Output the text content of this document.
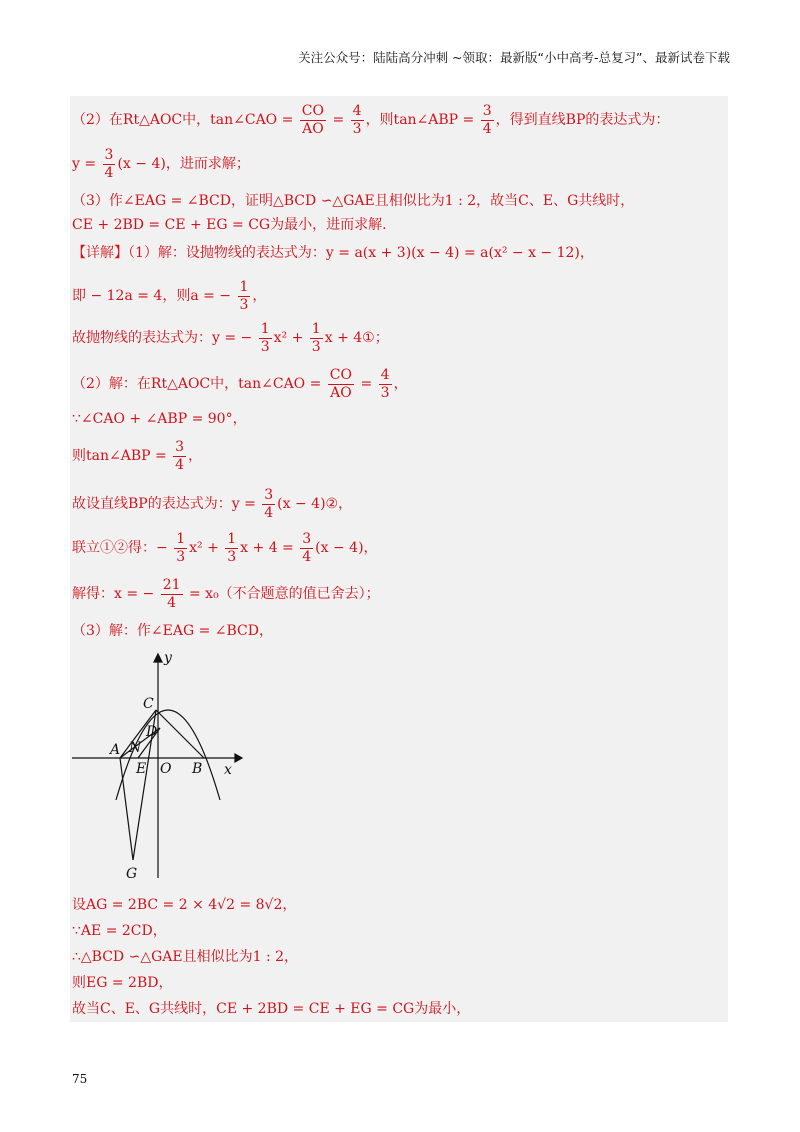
关注公众号：陆陆高分冲刺 ~领取：最新版“小中高考-总复习”、最新试卷下载
（2）在Rt△AOC中，tan∠CAO = $\frac{CO}{AO} = \frac{4}{3}$ ，则tan∠ABP = $\frac{3}{4}$ ，得到直线BP的表达式为：
$y = \frac{3}{4} (x - 4)$，进而求解；
（3）作∠EAG = ∠BCD，证明△BCD ∽△GAE且相似比为1 : 2，故当C、E、G共线时，
CE + 2BD = CE + EG = CG为最小，进而求解.
【详解】（1）解：设抛物线的表达式为：y = a(x + 3)(x − 4) = a(x² − x − 12)，
即 − 12a = 4，则a = − $\frac{1}{3}$ ，
故抛物线的表达式为：y = − $\frac{1}{3} x^2 + \frac{1}{3}$ x + 4①；
（2）解：在Rt△AOC中，tan∠CAO = $\frac{CO}{AO} = \frac{4}{3}$ ，
∵∠CAO + ∠ABP = 90°，
则tan∠ABP = $\frac{3}{4}$ ，
故设直线BP的表达式为：$y = \frac{3}{4} (x$ − 4)②，
联立①②得：− $\frac{1}{3} x^2 + \frac{1}{3}$ $x + 4 = \frac{3}{4} (x - 4)$，
解得：x = − $\frac{21}{4} = x_0$（不合题意的值已舍去）；
（3）解：作∠EAG = ∠BCD，
y
x
C
D
A N
E O B
G
设AG = 2BC = 2 × 4√2 = 8√2，
∵AE = 2CD，
∴△BCD ∽△GAE且相似比为1 : 2，
则EG = 2BD，
故当C、E、G共线时，CE + 2BD = CE + EG = CG为最小，
75
